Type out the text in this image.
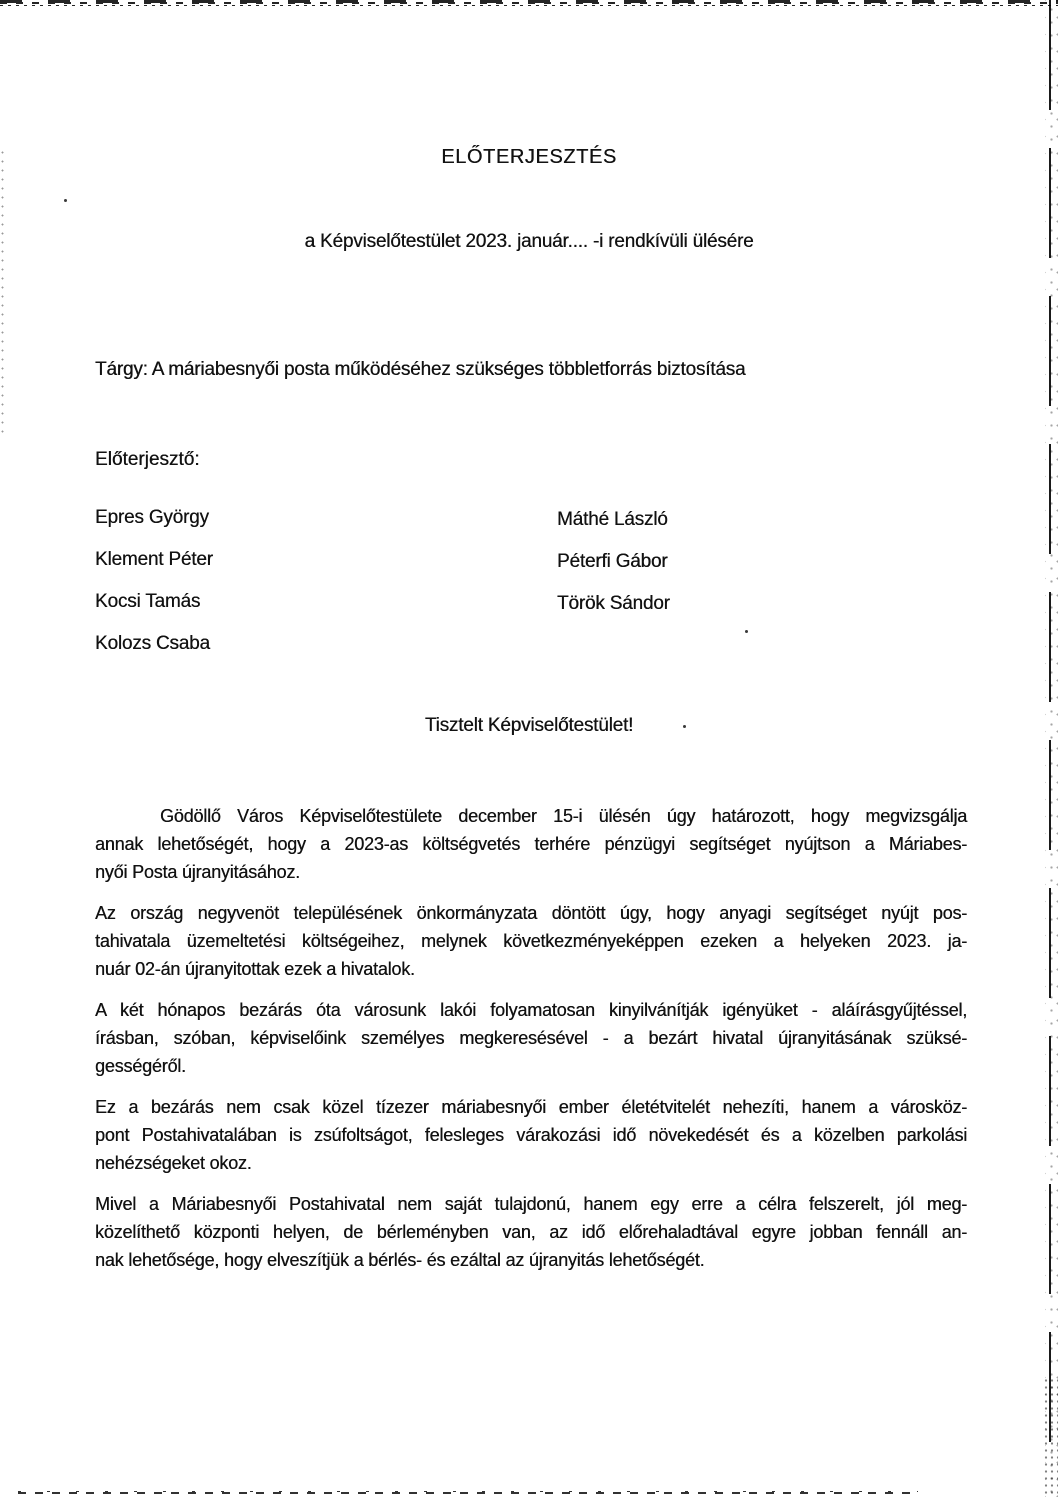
ELŐTERJESZTÉS
a Képviselőtestület 2023. január.... -i rendkívüli ülésére
Tárgy: A máriabesnyői posta működéséhez szükséges többletforrás biztosítása
Előterjesztő:
Epres György
Klement Péter
Kocsi Tamás
Kolozs Csaba
Máthé László
Péterfi Gábor
Török Sándor
Tisztelt Képviselőtestület!
Gödöllő Város Képviselőtestülete december 15-i ülésén úgy határozott, hogy megvizsgálja
annak lehetőségét, hogy a 2023-as költségvetés terhére pénzügyi segítséget nyújtson a Máriabes-
nyői Posta újranyitásához.
Az ország negyvenöt településének önkormányzata döntött úgy, hogy anyagi segítséget nyújt pos-
tahivatala üzemeltetési költségeihez, melynek következményeképpen ezeken a helyeken 2023. ja-
nuár 02-án újranyitottak ezek a hivatalok.
A két hónapos bezárás óta városunk lakói folyamatosan kinyilvánítják igényüket - aláírásgyűjtéssel,
írásban, szóban, képviselőink személyes megkeresésével - a bezárt hivatal újranyitásának szüksé-
gességéről.
Ez a bezárás nem csak közel tízezer máriabesnyői ember életétvitelét nehezíti, hanem a városköz-
pont Postahivatalában is zsúfoltságot, felesleges várakozási idő növekedését és a közelben parkolási
nehézségeket okoz.
Mivel a Máriabesnyői Postahivatal nem saját tulajdonú, hanem egy erre a célra felszerelt, jól meg-
közelíthető központi helyen, de bérleményben van, az idő előrehaladtával egyre jobban fennáll an-
nak lehetősége, hogy elveszítjük a bérlés- és ezáltal az újranyitás lehetőségét.
